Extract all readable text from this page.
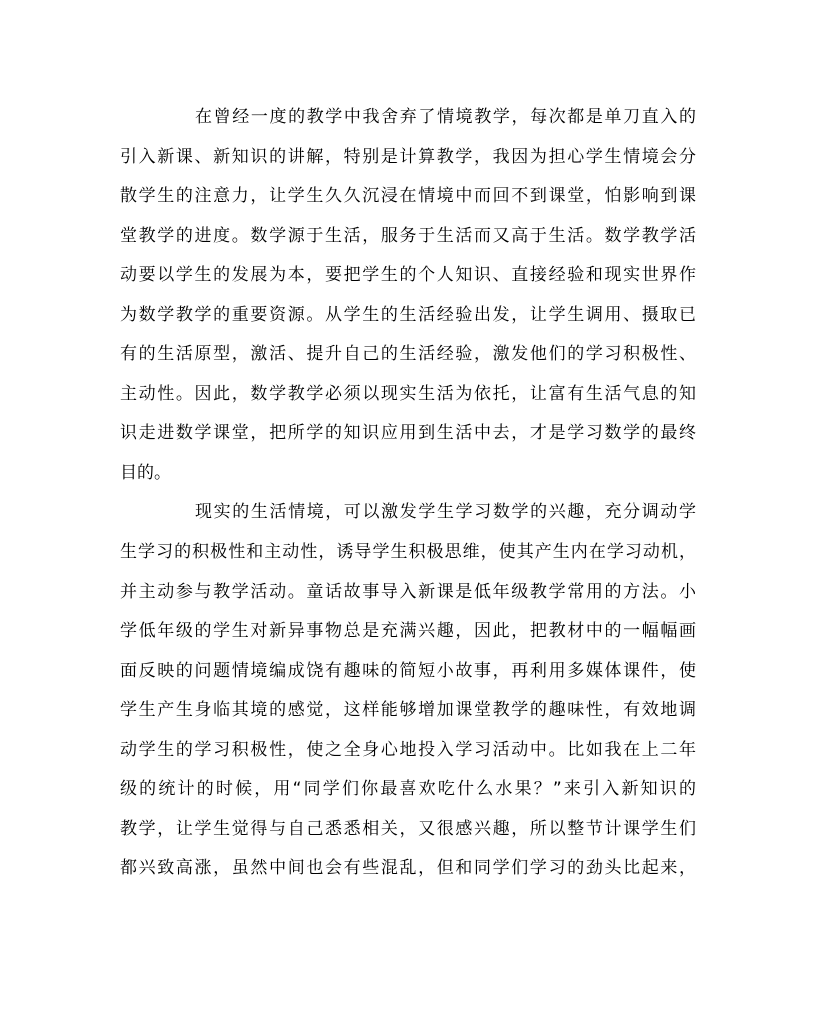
在曾经一度的教学中我舍弃了情境教学，每次都是单刀直入的
引入新课、新知识的讲解，特别是计算教学，我因为担心学生情境会分
散学生的注意力，让学生久久沉浸在情境中而回不到课堂，怕影响到课
堂教学的进度。数学源于生活，服务于生活而又高于生活。数学教学活
动要以学生的发展为本，要把学生的个人知识、直接经验和现实世界作
为数学教学的重要资源。从学生的生活经验出发，让学生调用、摄取已
有的生活原型，激活、提升自己的生活经验，激发他们的学习积极性、
主动性。因此，数学教学必须以现实生活为依托，让富有生活气息的知
识走进数学课堂，把所学的知识应用到生活中去，才是学习数学的最终
目的。
现实的生活情境，可以激发学生学习数学的兴趣，充分调动学
生学习的积极性和主动性，诱导学生积极思维，使其产生内在学习动机，
并主动参与教学活动。童话故事导入新课是低年级教学常用的方法。小
学低年级的学生对新异事物总是充满兴趣，因此，把教材中的一幅幅画
面反映的问题情境编成饶有趣味的简短小故事，再利用多媒体课件，使
学生产生身临其境的感觉，这样能够增加课堂教学的趣味性，有效地调
动学生的学习积极性，使之全身心地投入学习活动中。比如我在上二年
级的统计的时候，用“同学们你最喜欢吃什么水果？”来引入新知识的
教学，让学生觉得与自己悉悉相关，又很感兴趣，所以整节计课学生们
都兴致高涨，虽然中间也会有些混乱，但和同学们学习的劲头比起来，
